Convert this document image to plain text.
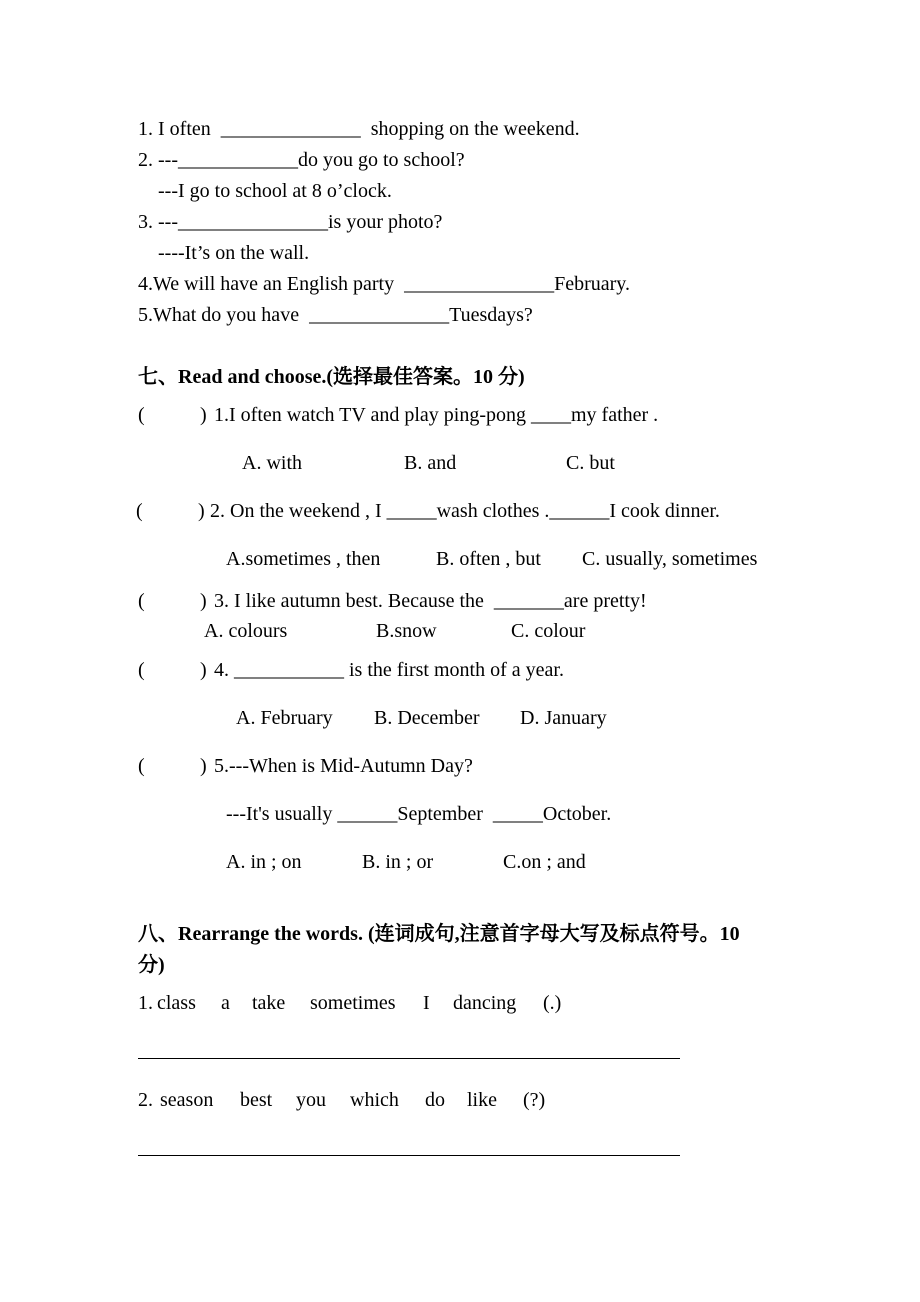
1. I often  ______________  shopping on the weekend.
2. ---____________do you go to school?
---I go to school at 8 o’clock.
3. ---_______________is your photo?
----It’s on the wall.
4.We will have an English party  _______________February.
5.What do you have  ______________Tuesdays?
七、Read and choose.(选择最佳答案。10 分)
(	) 1.I often watch TV and play ping-pong ____my father .
A. with	B. and	C. but
(	) 2. On the weekend , I _____wash clothes .______I cook dinner.
A.sometimes , then	B. often , but C. usually, sometimes
(	) 3. I like autumn best. Because the  _______are pretty!
A. colours	B.snow	C. colour
(	) 4. ___________ is the first month of a year.
A. February B. December D. January
(	) 5.---When is Mid-Autumn Day?
---It's usually ______September  _____October.
A. in ; on	B. in ; or	C.on ; and
八、Rearrange the words. (连词成句,注意首字母大写及标点符号。10
分)
1. class a take sometimes I dancing (.)
2. season best you which do like (?)
